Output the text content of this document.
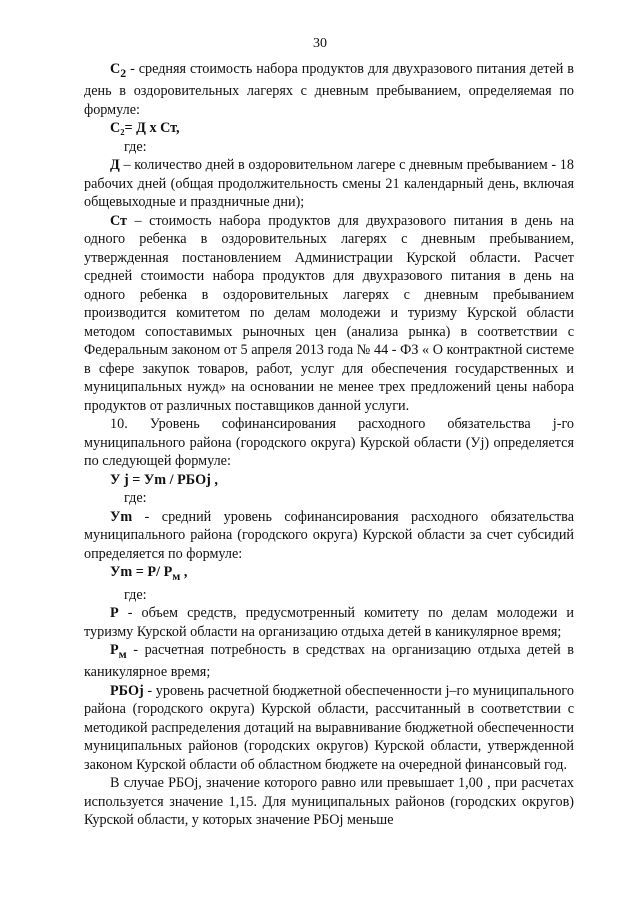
30

$С_2$ - средняя стоимость набора продуктов для двухразового питания детей в день в оздоровительных лагерях с дневным пребыванием, определяемая по формуле:

С₂= Д х Ст,

где:

Д – количество дней в оздоровительном лагере с дневным пребыванием - 18 рабочих дней (общая продолжительность смены 21 календарный день, включая общевыходные и праздничные дни);

Ст – стоимость набора продуктов для двухразового питания в день на одного ребенка в оздоровительных лагерях с дневным пребыванием, утвержденная постановлением Администрации Курской области. Расчет средней стоимости набора продуктов для двухразового питания в день на одного ребенка в оздоровительных лагерях с дневным пребыванием производится комитетом по делам молодежи и туризму Курской области методом сопоставимых рыночных цен (анализа рынка) в соответствии с Федеральным законом от 5 апреля 2013 года № 44 - ФЗ « О контрактной системе в сфере закупок товаров, работ, услуг для обеспечения государственных и муниципальных нужд» на основании не менее трех предложений цены набора продуктов от различных поставщиков данной услуги.

10. Уровень софинансирования расходного обязательства j-го муниципального района (городского округа) Курской области (Уj) определяется по следующей формуле:

У j = Уm / РБОj ,

где:

Уm - средний уровень софинансирования расходного обязательства муниципального района (городского округа) Курской области за счет субсидий определяется по формуле:

Уm = Р/ $Р_м$ ,

где:

Р - объем средств, предусмотренный комитету по делам молодежи и туризму Курской области на организацию отдыха детей в каникулярное время;

$Р_м$ - расчетная потребность в средствах на организацию отдыха детей в каникулярное время;

РБОj - уровень расчетной бюджетной обеспеченности j–го муниципального района (городского округа) Курской области, рассчитанный в соответствии с методикой распределения дотаций на выравнивание бюджетной обеспеченности муниципальных районов (городских округов) Курской области, утвержденной законом Курской области об областном бюджете на очередной финансовый год.

В случае РБОj, значение которого равно или превышает 1,00 , при расчетах используется значение 1,15. Для муниципальных районов (городских округов) Курской области, у которых значение РБОj меньше
